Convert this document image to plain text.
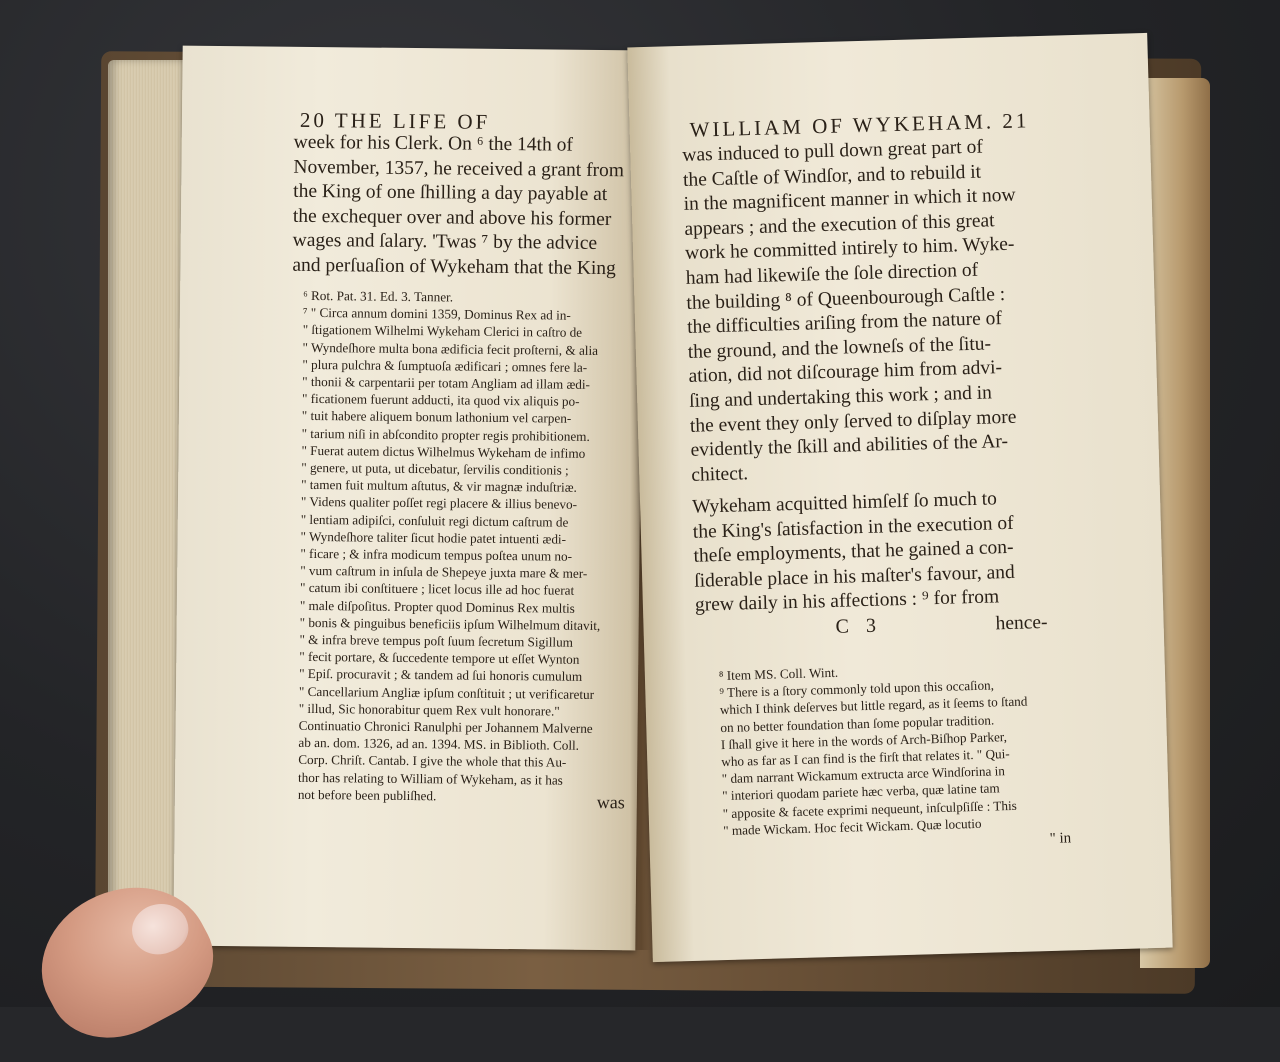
20 THE LIFE OF
week for his Clerk. On ⁶ the 14th of
November, 1357, he received a grant from
the King of one ſhilling a day payable at
the exchequer over and above his former
wages and ſalary. 'Twas ⁷ by the advice
and perſuaſion of Wykeham that the King
⁶ Rot. Pat. 31. Ed. 3. Tanner.
⁷ " Circa annum domini 1359, Dominus Rex ad in-
" ſtigationem Wilhelmi Wykeham Clerici in caſtro de
" Wyndeſhore multa bona ædificia fecit proſterni, & alia
" plura pulchra & ſumptuoſa ædificari ; omnes fere la-
" thonii & carpentarii per totam Angliam ad illam ædi-
" ficationem fuerunt adducti, ita quod vix aliquis po-
" tuit habere aliquem bonum lathonium vel carpen-
" tarium niſi in abſcondito propter regis prohibitionem.
" Fuerat autem dictus Wilhelmus Wykeham de infimo
" genere, ut puta, ut dicebatur, ſervilis conditionis ;
" tamen fuit multum aſtutus, & vir magnæ induſtriæ.
" Videns qualiter poſſet regi placere & illius benevo-
" lentiam adipiſci, conſuluit regi dictum caſtrum de
" Wyndeſhore taliter ſicut hodie patet intuenti ædi-
" ficare ; & infra modicum tempus poſtea unum no-
" vum caſtrum in inſula de Shepeye juxta mare & mer-
" catum ibi conſtituere ; licet locus ille ad hoc fuerat
" male diſpoſitus. Propter quod Dominus Rex multis
" bonis & pinguibus beneficiis ipſum Wilhelmum ditavit,
" & infra breve tempus poſt ſuum ſecretum Sigillum
" fecit portare, & ſuccedente tempore ut eſſet Wynton
" Epiſ. procuravit ; & tandem ad ſui honoris cumulum
" Cancellarium Angliæ ipſum conſtituit ; ut verificaretur
" illud, Sic honorabitur quem Rex vult honorare."
Continuatio Chronici Ranulphi per Johannem Malverne
ab an. dom. 1326, ad an. 1394. MS. in Biblioth. Coll.
Corp. Chriſt. Cantab. I give the whole that this Au-
thor has relating to William of Wykeham, as it has
not before been publiſhed.	was
WILLIAM OF WYKEHAM. 21
was induced to pull down great part of
the Caſtle of Windſor, and to rebuild it
in the magnificent manner in which it now
appears ; and the execution of this great
work he committed intirely to him. Wyke-
ham had likewiſe the ſole direction of
the building ⁸ of Queenbourough Caſtle :
the difficulties ariſing from the nature of
the ground, and the lowneſs of the ſitu-
ation, did not diſcourage him from advi-
ſing and undertaking this work ; and in
the event they only ſerved to diſplay more
evidently the ſkill and abilities of the Ar-
chitect.
Wykeham acquitted himſelf ſo much to
the King's ſatisfaction in the execution of
theſe employments, that he gained a con-
ſiderable place in his maſter's favour, and
grew daily in his affections : ⁹ for from
C 3	hence-
⁸ Item MS. Coll. Wint.
⁹ There is a ſtory commonly told upon this occaſion,
which I think deſerves but little regard, as it ſeems to ſtand
on no better foundation than ſome popular tradition.
I ſhall give it here in the words of Arch-Biſhop Parker,
who as far as I can find is the firſt that relates it. " Qui-
" dam narrant Wickamum extructa arce Windſorina in
" interiori quodam pariete hæc verba, quæ latine tam
" apposite & facete exprimi nequeunt, inſculpſiſſe : This
" made Wickam. Hoc fecit Wickam. Quæ locutio
" in
